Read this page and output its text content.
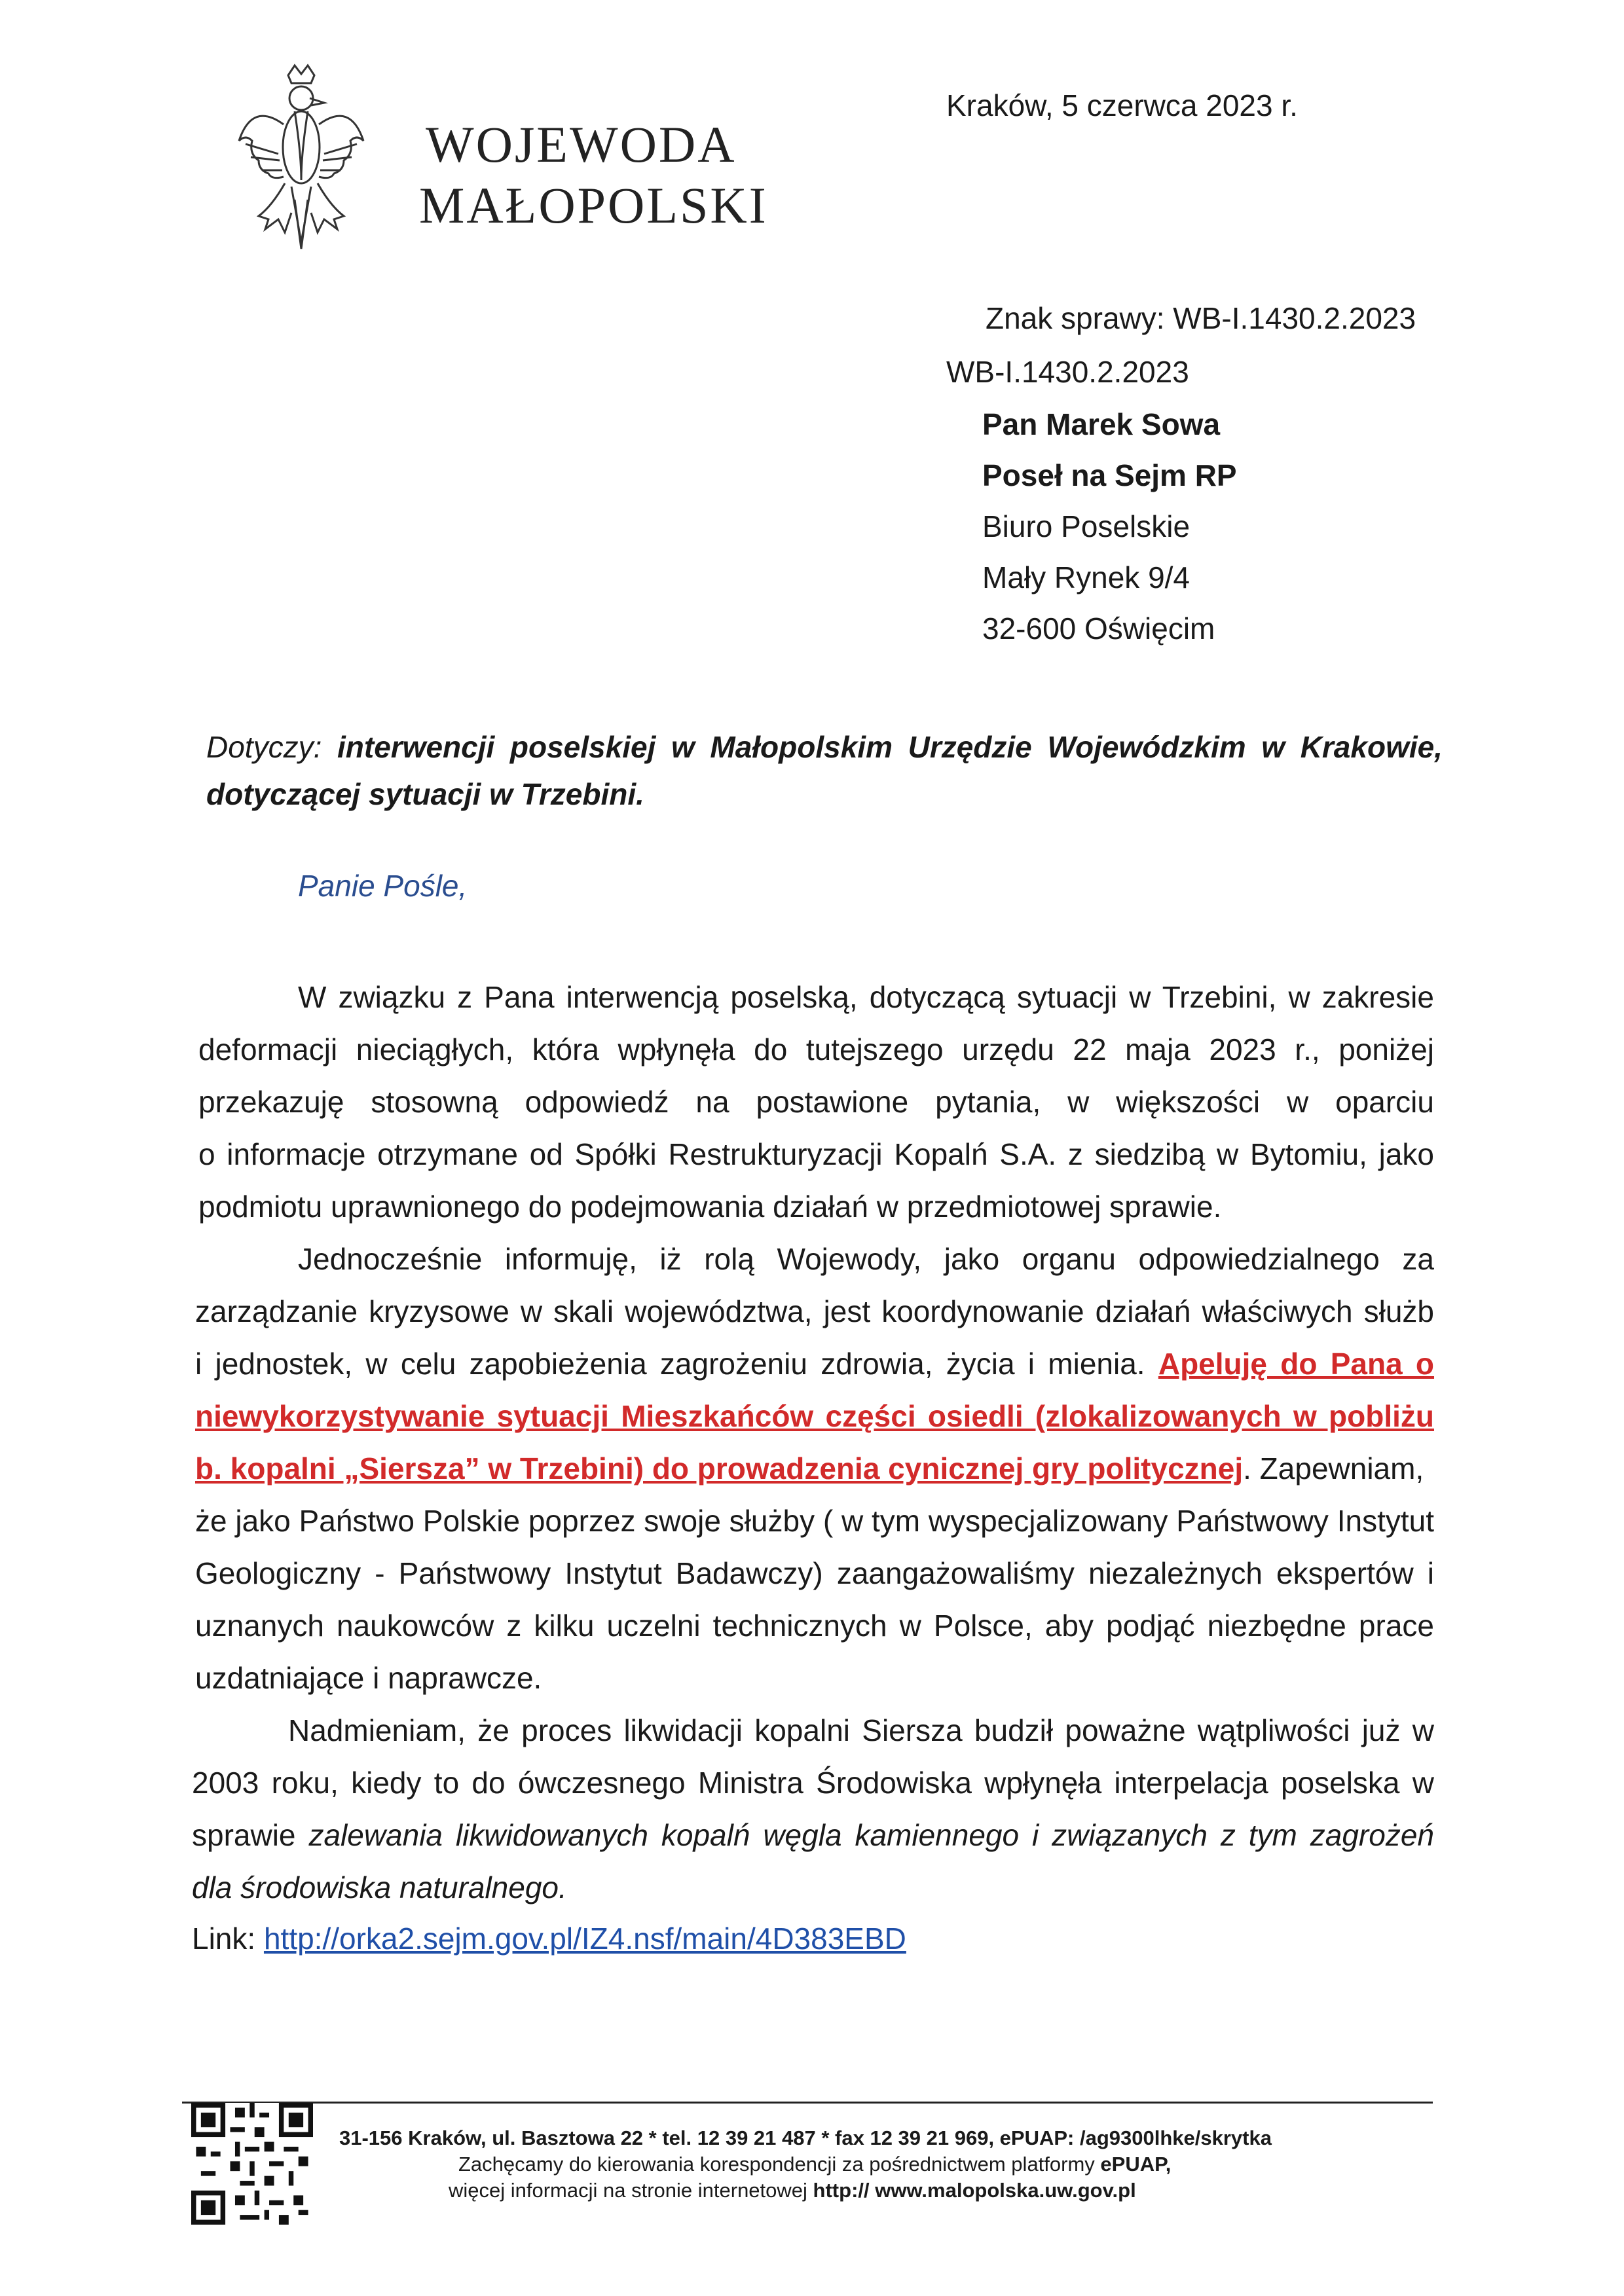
WOJEWODA
MAŁOPOLSKI
Kraków, 5 czerwca 2023 r.
Znak sprawy: WB-I.1430.2.2023
WB-I.1430.2.2023
Pan Marek Sowa
Poseł na Sejm RP
Biuro Poselskie
Mały Rynek 9/4
32-600 Oświęcim
Dotyczy: interwencji poselskiej w Małopolskim Urzędzie Wojewódzkim w Krakowie,
dotyczącej sytuacji w Trzebini.
Panie Pośle,
W związku z Pana interwencją poselską, dotyczącą sytuacji w Trzebini, w zakresie
deformacji nieciągłych, która wpłynęła do tutejszego urzędu 22 maja 2023 r., poniżej
przekazuję stosowną odpowiedź na postawione pytania, w większości w oparciu
o informacje otrzymane od Spółki Restrukturyzacji Kopalń S.A. z siedzibą w Bytomiu, jako
podmiotu uprawnionego do podejmowania działań w przedmiotowej sprawie.
Jednocześnie informuję, iż rolą Wojewody, jako organu odpowiedzialnego za
zarządzanie kryzysowe w skali województwa, jest koordynowanie działań właściwych służb
i jednostek, w celu zapobieżenia zagrożeniu zdrowia, życia i mienia. Apeluję do Pana o
niewykorzystywanie sytuacji Mieszkańców części osiedli (zlokalizowanych w pobliżu
b. kopalni „Siersza” w Trzebini) do prowadzenia cynicznej gry politycznej. Zapewniam,
że jako Państwo Polskie poprzez swoje służby ( w tym wyspecjalizowany Państwowy Instytut
Geologiczny - Państwowy Instytut Badawczy) zaangażowaliśmy niezależnych ekspertów i
uznanych naukowców z kilku uczelni technicznych w Polsce, aby podjąć niezbędne prace
uzdatniające i naprawcze.
Nadmieniam, że proces likwidacji kopalni Siersza budził poważne wątpliwości już w
2003 roku, kiedy to do ówczesnego Ministra Środowiska wpłynęła interpelacja poselska w
sprawie zalewania likwidowanych kopalń węgla kamiennego i związanych z tym zagrożeń
dla środowiska naturalnego.
Link: http://orka2.sejm.gov.pl/IZ4.nsf/main/4D383EBD
31-156 Kraków, ul. Basztowa 22 * tel. 12 39 21 487 * fax 12 39 21 969, ePUAP: /ag9300lhke/skrytka
Zachęcamy do kierowania korespondencji za pośrednictwem platformy ePUAP,
więcej informacji na stronie internetowej http:// www.malopolska.uw.gov.pl
